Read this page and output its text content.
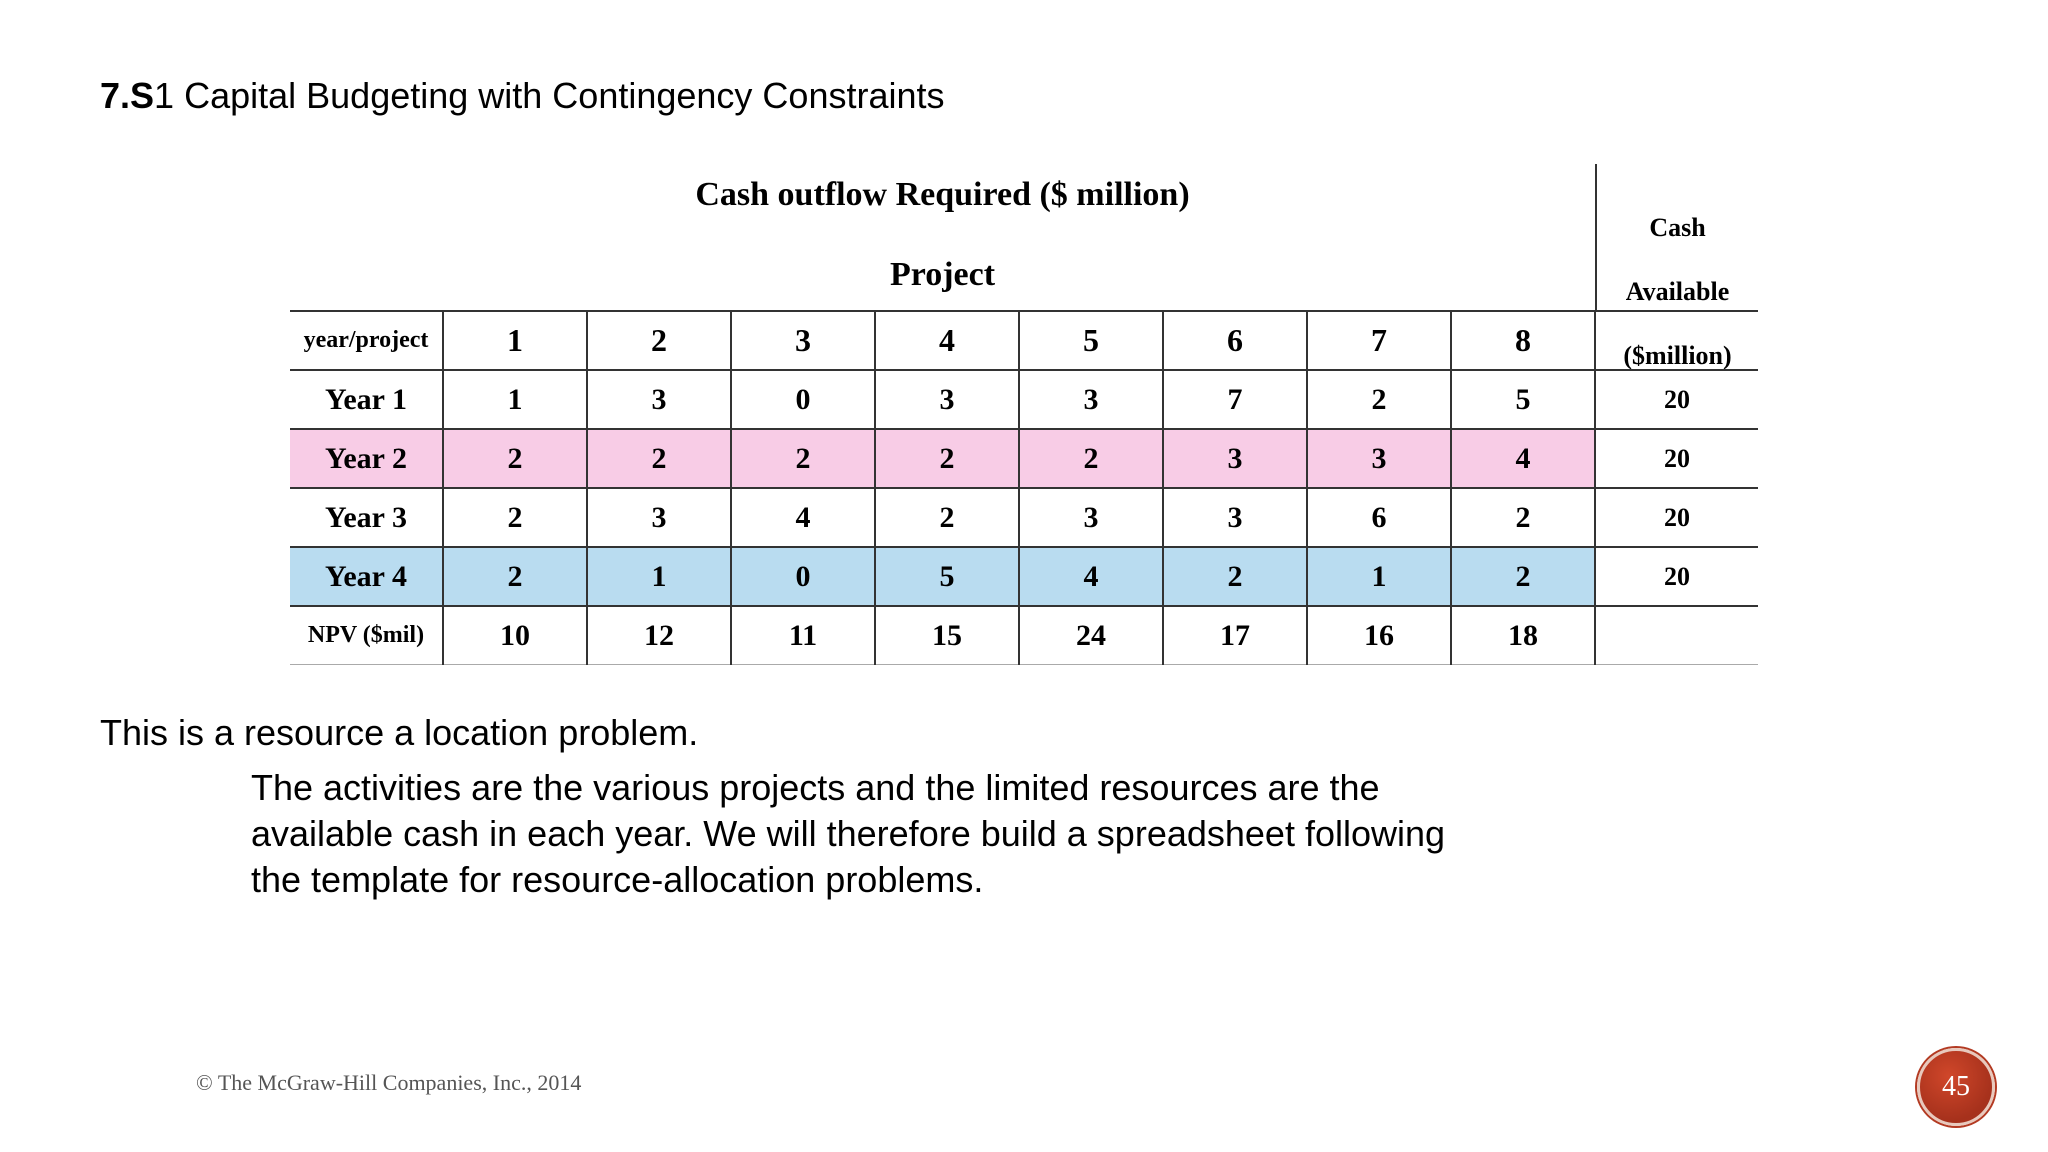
7.S1 Capital Budgeting with Contingency Constraints
Cash outflow Required ($ million)
Project
Cash
Available
($million)
year/project	1	2	3	4	5	6	7	8	
Year 1	1	3	0	3	3	7	2	5	20
Year 2	2	2	2	2	2	3	3	4	20
Year 3	2	3	4	2	3	3	6	2	20
Year 4	2	1	0	5	4	2	1	2	20
NPV ($mil)	10	12	11	15	24	17	16	18	
This is a resource a location problem.
The activities are the various projects and the limited resources are the
available cash in each year. We will therefore build a spreadsheet following
the template for resource-allocation problems.
© The McGraw-Hill Companies, Inc., 2014	45
